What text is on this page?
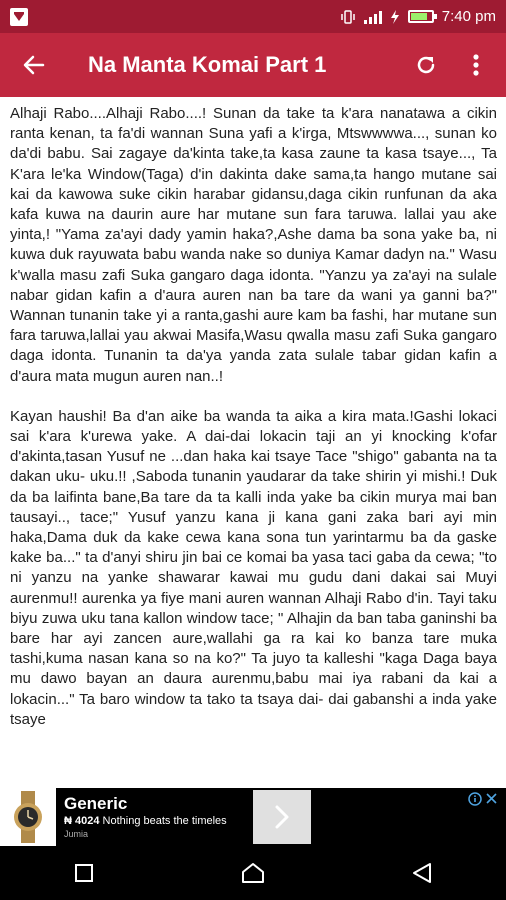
7:40 pm
Na Manta Komai Part 1

Alhaji Rabo....Alhaji Rabo....! Sunan da take ta k'ara nanatawa a cikin ranta kenan, ta fa'di wannan Suna yafi a k'irga, Mtswwwwa..., sunan ko da'di babu. Sai zagaye da'kinta take,ta kasa zaune ta kasa tsaye..., Ta K'ara le'ka Window(Taga) d'in dakinta dake sama,ta hango mutane sai kai da kawowa suke cikin harabar gidansu,daga cikin runfunan da aka kafa kuwa na daurin aure har mutane sun fara taruwa. lallai yau ake yinta,! "Yama za'ayi dady yamin haka?,Ashe dama ba sona yake ba, ni kuwa duk rayuwata babu wanda nake so duniya Kamar dadyn na." Wasu k'walla masu zafi Suka gangaro daga idonta. "Yanzu ya za'ayi na sulale nabar gidan kafin a d'aura auren nan ba tare da wani ya ganni ba?" Wannan tunanin take yi a ranta,gashi aure kam ba fashi, har mutane sun fara taruwa,lallai yau akwai Masifa,Wasu qwalla masu zafi Suka gangaro daga idonta. Tunanin ta da'ya yanda zata sulale tabar gidan kafin a d'aura mata mugun auren nan..!

Kayan haushi! Ba d'an aike ba wanda ta aika a kira mata.!Gashi lokaci sai k'ara k'urewa yake. A dai-dai lokacin taji an yi knocking k'ofar d'akinta,tasan Yusuf ne ...dan haka kai tsaye Tace "shigo" gabanta na ta dakan uku- uku.!! ,Saboda tunanin yaudarar da take shirin yi mishi.! Duk da ba laifinta bane,Ba tare da ta kalli inda yake ba cikin murya mai ban tausayi.., tace;" Yusuf yanzu kana ji kana gani zaka bari ayi min haka,Dama duk da kake cewa kana sona tun yarintarmu ba da gaske kake ba..." ta d'anyi shiru jin bai ce komai ba yasa taci gaba da cewa; "to ni yanzu na yanke shawarar kawai mu gudu dani dakai sai Muyi aurenmu!! aurenka ya fiye mani auren wannan Alhaji Rabo d'in. Tayi taku biyu zuwa uku tana kallon window tace; " Alhajin da ban taba ganinshi ba bare har ayi zancen aure,wallahi ga ra kai ko banza tare muka tashi,kuma nasan kana so na ko?" Ta juyo ta kalleshi "kaga Daga baya mu dawo bayan an daura aurenmu,babu mai iya rabani da kai a lokacin..." Ta baro window ta tako ta tsaya dai- dai gabanshi a inda yake tsaye

Generic
₦ 4024 Nothing beats the timeles
Jumia
